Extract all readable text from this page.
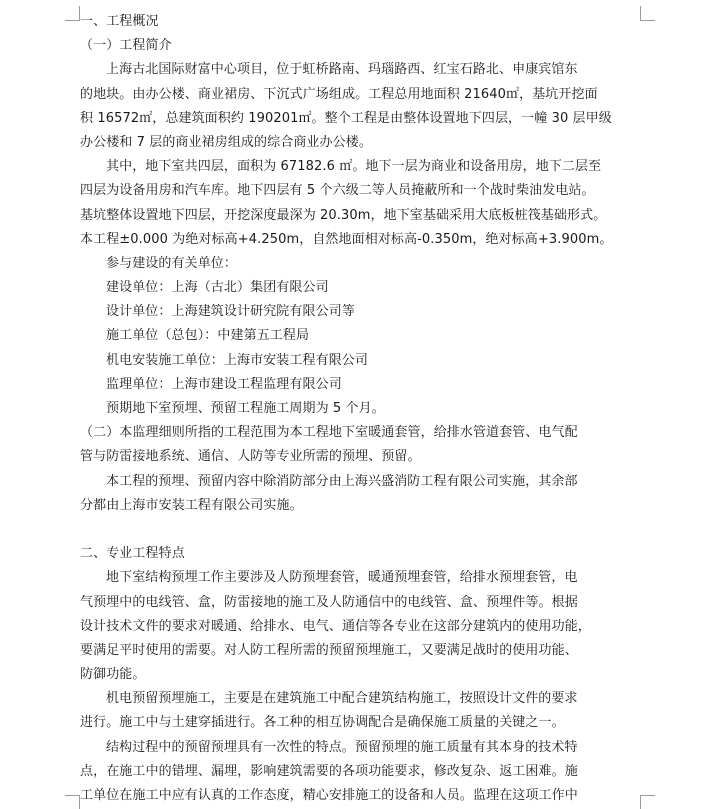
一、工程概况
（一）工程简介
上海古北国际财富中心项目，位于虹桥路南、玛瑙路西、红宝石路北、申康宾馆东
的地块。由办公楼、商业裙房、下沉式广场组成。工程总用地面积 21640㎡，基坑开挖面
积 16572㎡，总建筑面积约 190201㎡。整个工程是由整体设置地下四层，一幢 30 层甲级
办公楼和 7 层的商业裙房组成的综合商业办公楼。
其中，地下室共四层，面积为 67182.6 ㎡。地下一层为商业和设备用房，地下二层至
四层为设备用房和汽车库。地下四层有 5 个六级二等人员掩蔽所和一个战时柴油发电站。
基坑整体设置地下四层，开挖深度最深为 20.30m，地下室基础采用大底板桩筏基础形式。
本工程±0.000 为绝对标高+4.250m，自然地面相对标高-0.350m，绝对标高+3.900m。
参与建设的有关单位：
建设单位：上海（古北）集团有限公司
设计单位：上海建筑设计研究院有限公司等
施工单位（总包）：中建第五工程局
机电安装施工单位：上海市安装工程有限公司
监理单位：上海市建设工程监理有限公司
预期地下室预埋、预留工程施工周期为 5 个月。
（二）本监理细则所指的工程范围为本工程地下室暖通套管，给排水管道套管、电气配
管与防雷接地系统、通信、人防等专业所需的预埋、预留。
本工程的预埋、预留内容中除消防部分由上海兴盛消防工程有限公司实施，其余部
分都由上海市安装工程有限公司实施。
二、专业工程特点
地下室结构预埋工作主要涉及人防预埋套管，暖通预埋套管，给排水预埋套管，电
气预埋中的电线管、盒，防雷接地的施工及人防通信中的电线管、盒、预埋件等。根据
设计技术文件的要求对暖通、给排水、电气、通信等各专业在这部分建筑内的使用功能，
要满足平时使用的需要。对人防工程所需的预留预埋施工，又要满足战时的使用功能、
防御功能。
机电预留预埋施工，主要是在建筑施工中配合建筑结构施工，按照设计文件的要求
进行。施工中与土建穿插进行。各工种的相互协调配合是确保施工质量的关键之一。
结构过程中的预留预埋具有一次性的特点。预留预埋的施工质量有其本身的技术特
点，在施工中的错埋、漏埋，影响建筑需要的各项功能要求，修改复杂、返工困难。施
工单位在施工中应有认真的工作态度，精心安排施工的设备和人员。监理在这项工作中
